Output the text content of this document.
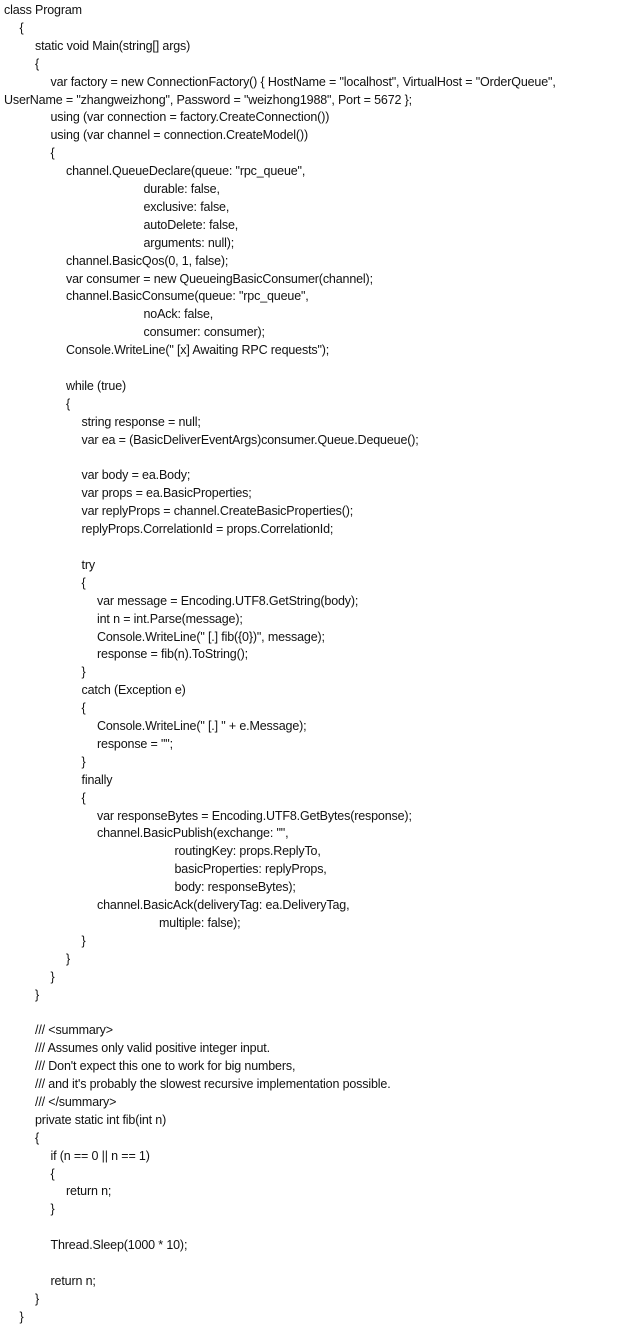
class Program
{
static void Main(string[] args)
{
var factory = new ConnectionFactory() { HostName = "localhost", VirtualHost = "OrderQueue",
UserName = "zhangweizhong", Password = "weizhong1988", Port = 5672 };
using (var connection = factory.CreateConnection())
using (var channel = connection.CreateModel())
{
channel.QueueDeclare(queue: "rpc_queue",
durable: false,
exclusive: false,
autoDelete: false,
arguments: null);
channel.BasicQos(0, 1, false);
var consumer = new QueueingBasicConsumer(channel);
channel.BasicConsume(queue: "rpc_queue",
noAck: false,
consumer: consumer);
Console.WriteLine(" [x] Awaiting RPC requests");
while (true)
{
string response = null;
var ea = (BasicDeliverEventArgs)consumer.Queue.Dequeue();
var body = ea.Body;
var props = ea.BasicProperties;
var replyProps = channel.CreateBasicProperties();
replyProps.CorrelationId = props.CorrelationId;
try
{
var message = Encoding.UTF8.GetString(body);
int n = int.Parse(message);
Console.WriteLine(" [.] fib({0})", message);
response = fib(n).ToString();
}
catch (Exception e)
{
Console.WriteLine(" [.] " + e.Message);
response = "";
}
finally
{
var responseBytes = Encoding.UTF8.GetBytes(response);
channel.BasicPublish(exchange: "",
routingKey: props.ReplyTo,
basicProperties: replyProps,
body: responseBytes);
channel.BasicAck(deliveryTag: ea.DeliveryTag,
multiple: false);
}
}
}
}
/// <summary>
/// Assumes only valid positive integer input.
/// Don't expect this one to work for big numbers,
/// and it's probably the slowest recursive implementation possible.
/// </summary>
private static int fib(int n)
{
if (n == 0 || n == 1)
{
return n;
}
Thread.Sleep(1000 * 10);
return n;
}
}
